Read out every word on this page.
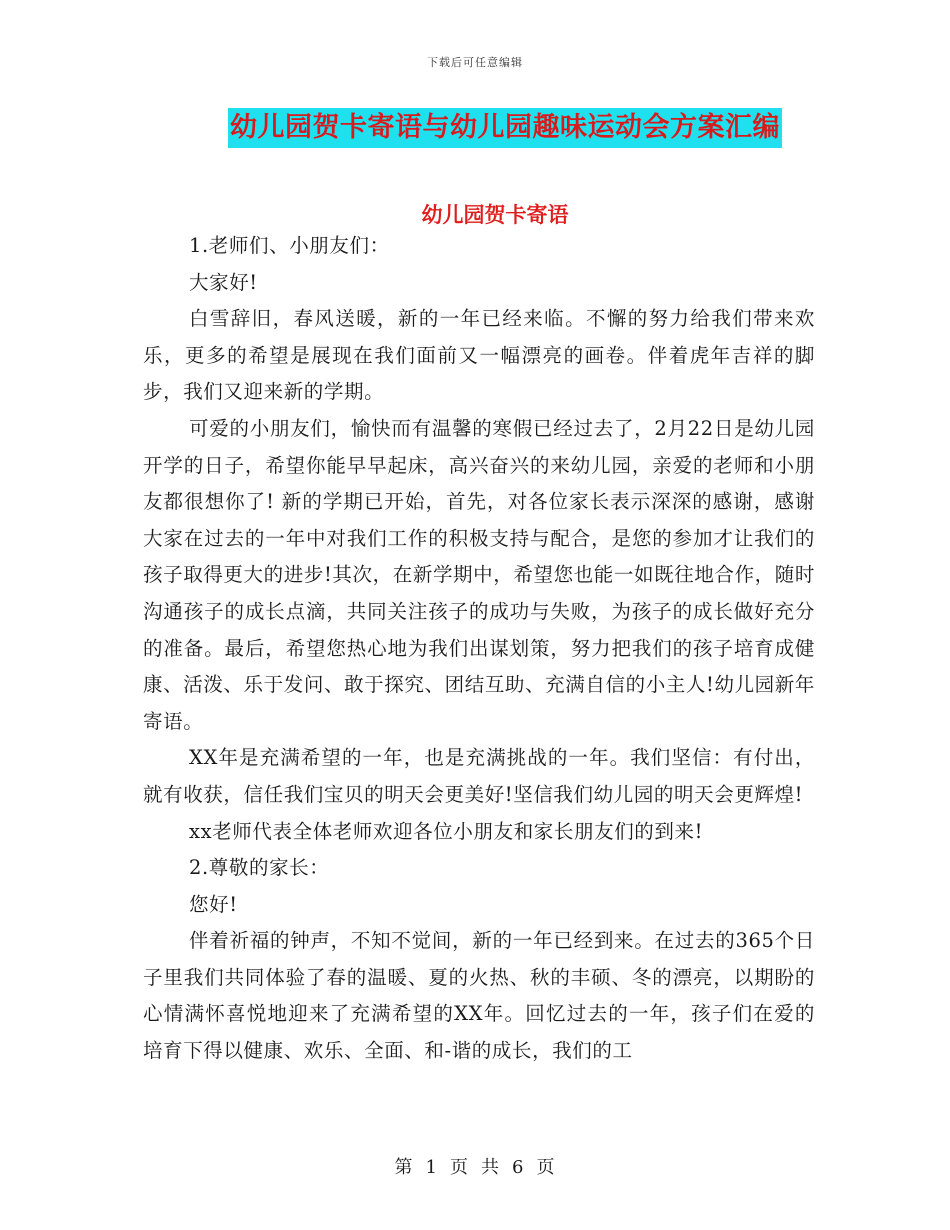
下载后可任意编辑
幼儿园贺卡寄语与幼儿园趣味运动会方案汇编
幼儿园贺卡寄语

1.老师们、小朋友们：

大家好!

白雪辞旧，春风送暖，新的一年已经来临。不懈的努力给我们带来欢乐，更多的希望是展现在我们面前又一幅漂亮的画卷。伴着虎年吉祥的脚步，我们又迎来新的学期。

可爱的小朋友们，愉快而有温馨的寒假已经过去了，2月22日是幼儿园开学的日子，希望你能早早起床，高兴奋兴的来幼儿园，亲爱的老师和小朋友都很想你了! 新的学期已开始，首先，对各位家长表示深深的感谢，感谢大家在过去的一年中对我们工作的积极支持与配合，是您的参加才让我们的孩子取得更大的进步!其次，在新学期中，希望您也能一如既往地合作，随时沟通孩子的成长点滴，共同关注孩子的成功与失败，为孩子的成长做好充分的准备。最后，希望您热心地为我们出谋划策，努力把我们的孩子培育成健康、活泼、乐于发问、敢于探究、团结互助、充满自信的小主人!幼儿园新年寄语。

XX年是充满希望的一年，也是充满挑战的一年。我们坚信：有付出，就有收获，信任我们宝贝的明天会更美好!坚信我们幼儿园的明天会更辉煌!

xx老师代表全体老师欢迎各位小朋友和家长朋友们的到来!

2.尊敬的家长：

您好!

伴着祈福的钟声，不知不觉间，新的一年已经到来。在过去的365个日子里我们共同体验了春的温暖、夏的火热、秋的丰硕、冬的漂亮，以期盼的心情满怀喜悦地迎来了充满希望的XX年。回忆过去的一年，孩子们在爱的培育下得以健康、欢乐、全面、和-谐的成长，我们的工

第 1 页 共 6 页
